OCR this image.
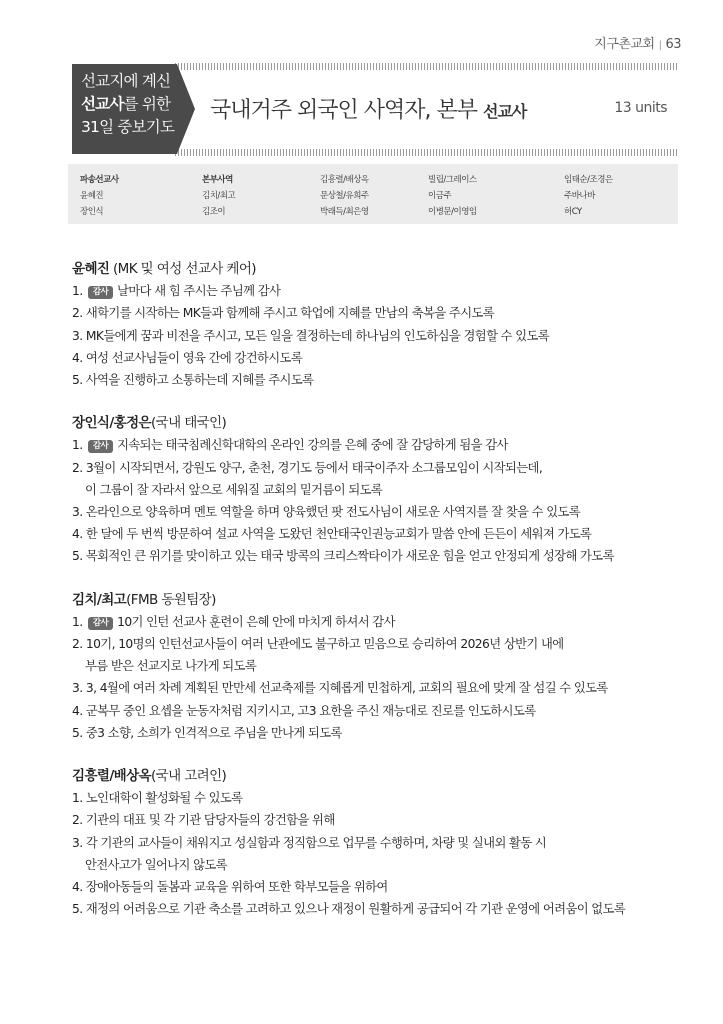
지구촌교회 | 63
선교지에 계신
선교사를 위한
31일 중보기도
국내거주 외국인 사역자, 본부 선교사	13 units
파송선교사
윤혜진
장인식
본부사역
김치/최고
김조이
김흥렬/배상옥
문상철/유희주
박래득/최은영
빌립/그레이스
이금주
이병문/이영임
임태순/조경은
주바나바
허CY
윤혜진 (MK 및 여성 선교사 케어)
1. 감사 날마다 새 힘 주시는 주님께 감사
2. 새학기를 시작하는 MK들과 함께해 주시고 학업에 지혜를 만남의 축복을 주시도록
3. MK들에게 꿈과 비전을 주시고, 모든 일을 결정하는데 하나님의 인도하심을 경험할 수 있도록
4. 여성 선교사님들이 영육 간에 강건하시도록
5. 사역을 진행하고 소통하는데 지혜를 주시도록
장인식/홍정은(국내 태국인)
1. 감사 지속되는 태국침례신학대학의 온라인 강의를 은혜 중에 잘 감당하게 됨을 감사
2. 3월이 시작되면서, 강원도 양구, 춘천, 경기도 등에서 태국이주자 소그룹모임이 시작되는데,
이 그룹이 잘 자라서 앞으로 세워질 교회의 밑거름이 되도록
3. 온라인으로 양육하며 멘토 역할을 하며 양육했던 팟 전도사님이 새로운 사역지를 잘 찾을 수 있도록
4. 한 달에 두 번씩 방문하여 설교 사역을 도왔던 천안태국인권능교회가 말씀 안에 든든이 세워져 가도록
5. 목회적인 큰 위기를 맞이하고 있는 태국 방콕의 크리스짝타이가 새로운 힘을 얻고 안정되게 성장해 가도록
김치/최고(FMB 동원팀장)
1. 감사 10기 인턴 선교사 훈련이 은혜 안에 마치게 하셔서 감사
2. 10기, 10명의 인턴선교사들이 여러 난관에도 불구하고 믿음으로 승리하여 2026년 상반기 내에
부름 받은 선교지로 나가게 되도록
3. 3, 4월에 여러 차례 계획된 만만세 선교축제를 지혜롭게 민첩하게, 교회의 필요에 맞게 잘 섬길 수 있도록
4. 군복무 중인 요셉을 눈동자처럼 지키시고, 고3 요한을 주신 재능대로 진로를 인도하시도록
5. 중3 소향, 소희가 인격적으로 주님을 만나게 되도록
김흥렬/배상옥(국내 고려인)
1. 노인대학이 활성화될 수 있도록
2. 기관의 대표 및 각 기관 담당자들의 강건함을 위해
3. 각 기관의 교사들이 채워지고 성실함과 정직함으로 업무를 수행하며, 차량 및 실내외 활동 시
안전사고가 일어나지 않도록
4. 장애아동들의 돌봄과 교육을 위하여 또한 학부모들을 위하여
5. 재정의 어려움으로 기관 축소를 고려하고 있으나 재정이 원활하게 공급되어 각 기관 운영에 어려움이 없도록
